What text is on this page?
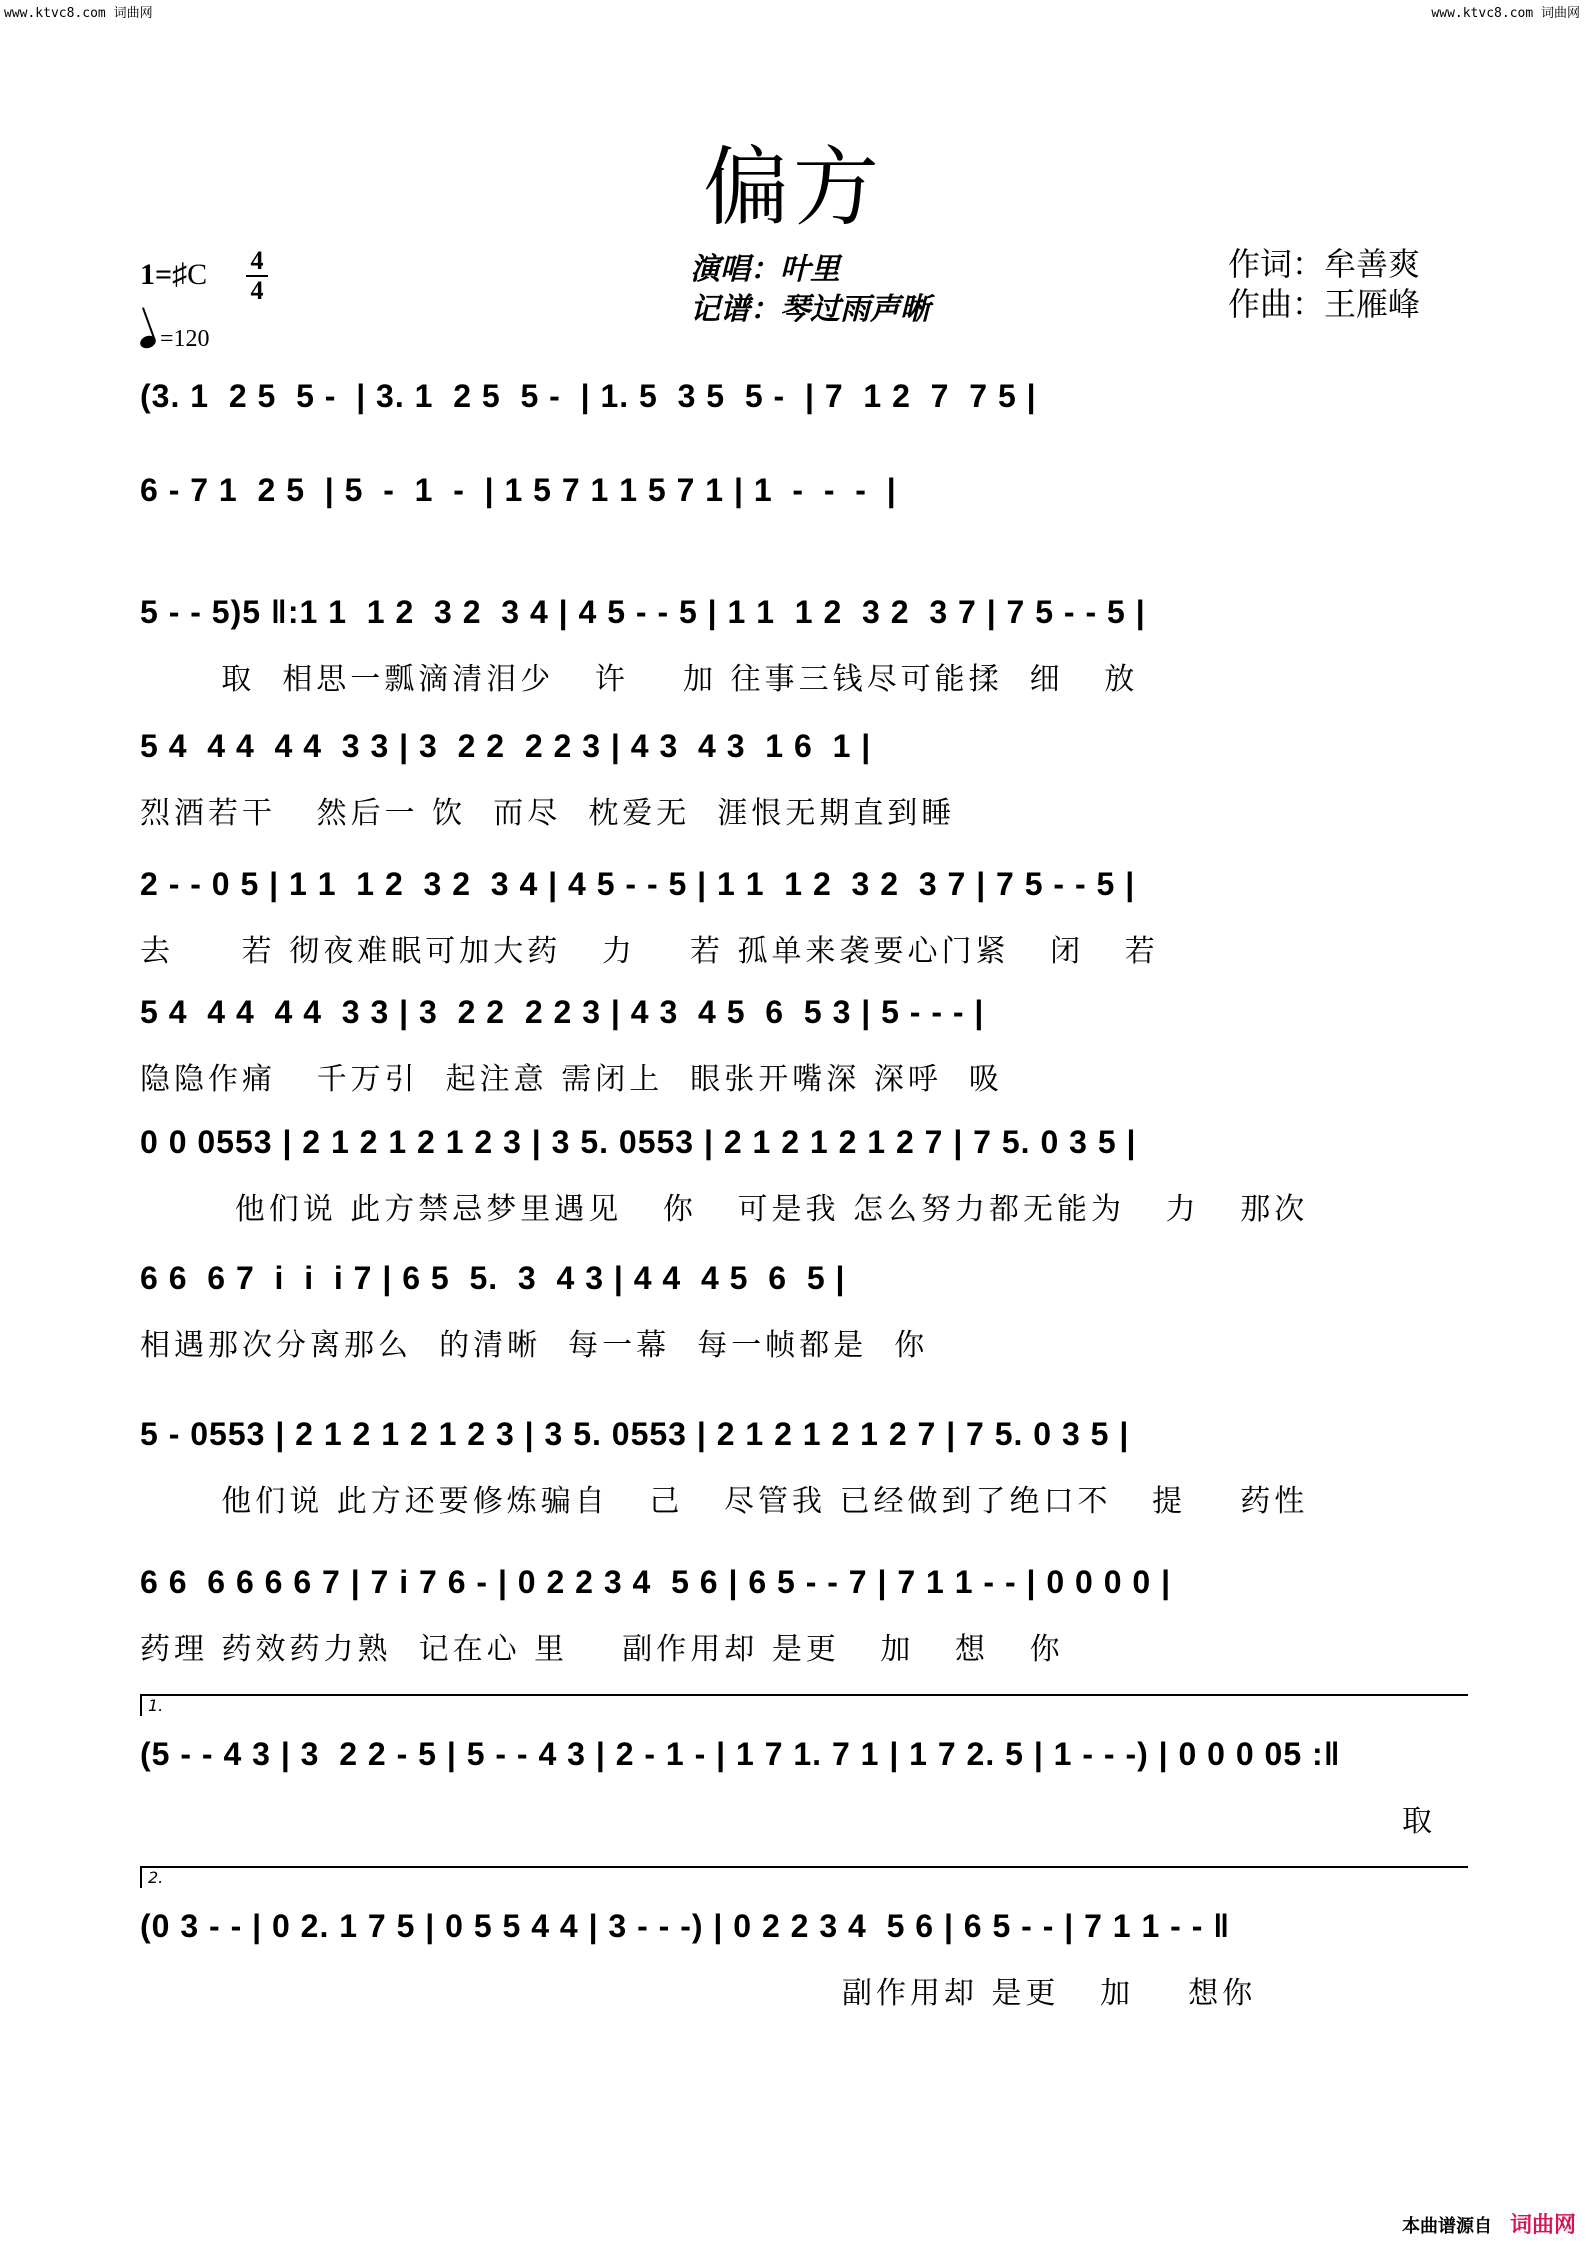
www.ktvc8.com 词曲网	www.ktvc8.com 词曲网
偏方
1=♯C 4
4
=120
演唱：叶里
记谱：琴过雨声晰
作词：牟善爽
作曲：王雁峰
(3. 1  2 5  5 -  | 3. 1  2 5  5 -  | 1. 5  3 5  5 -  | 7  1 2  7  7 5 |
6 - 7 1  2 5  | 5  -  1  -  | 1 5 7 1 1 5 7 1 | 1  -  -  -  |
5 - - 5)5 ‖:1 1  1 2  3 2  3 4 | 4 5 - - 5 | 1 1  1 2  3 2  3 7 | 7 5 - - 5 |
取  相思一瓢滴清泪少   许    加 往事三钱尽可能揉  细   放
5 4  4 4  4 4  3 3 | 3  2 2  2 2 3 | 4 3  4 3  1 6  1 |
烈酒若干   然后一 饮  而尽  枕爱无  涯恨无期直到睡
2 - - 0 5 | 1 1  1 2  3 2  3 4 | 4 5 - - 5 | 1 1  1 2  3 2  3 7 | 7 5 - - 5 |
去     若 彻夜难眠可加大药   力    若 孤单来袭要心门紧   闭   若
5 4  4 4  4 4  3 3 | 3  2 2  2 2 3 | 4 3  4 5  6  5 3 | 5 - - - |
隐隐作痛   千万引  起注意 需闭上  眼张开嘴深 深呼  吸
0 0 0553 | 2 1 2 1 2 1 2 3 | 3 5. 0553 | 2 1 2 1 2 1 2 7 | 7 5. 0 3 5 |
他们说 此方禁忌梦里遇见   你   可是我 怎么努力都无能为   力   那次
6 6  6 7  i  i  i 7 | 6 5  5.  3  4 3 | 4 4  4 5  6  5 |
相遇那次分离那么  的清晰  每一幕  每一帧都是  你
5 - 0553 | 2 1 2 1 2 1 2 3 | 3 5. 0553 | 2 1 2 1 2 1 2 7 | 7 5. 0 3 5 |
他们说 此方还要修炼骗自   己   尽管我 已经做到了绝口不   提    药性
6 6  6 6 6 6 7 | 7 i 7 6 - | 0 2 2 3 4  5 6 | 6 5 - - 7 | 7 1 1 - - | 0 0 0 0 |
药理 药效药力熟  记在心 里    副作用却 是更   加   想   你
1.
(5 - - 4 3 | 3  2 2 - 5 | 5 - - 4 3 | 2 - 1 - | 1 7 1. 7 1 | 1 7 2. 5 | 1 - - -) | 0 0 0 05 :‖
取
2.
(0 3 - - | 0 2. 1 7 5 | 0 5 5 4 4 | 3 - - -) | 0 2 2 3 4  5 6 | 6 5 - - | 7 1 1 - - ‖
副作用却 是更   加    想你
本曲谱源自 词曲网
